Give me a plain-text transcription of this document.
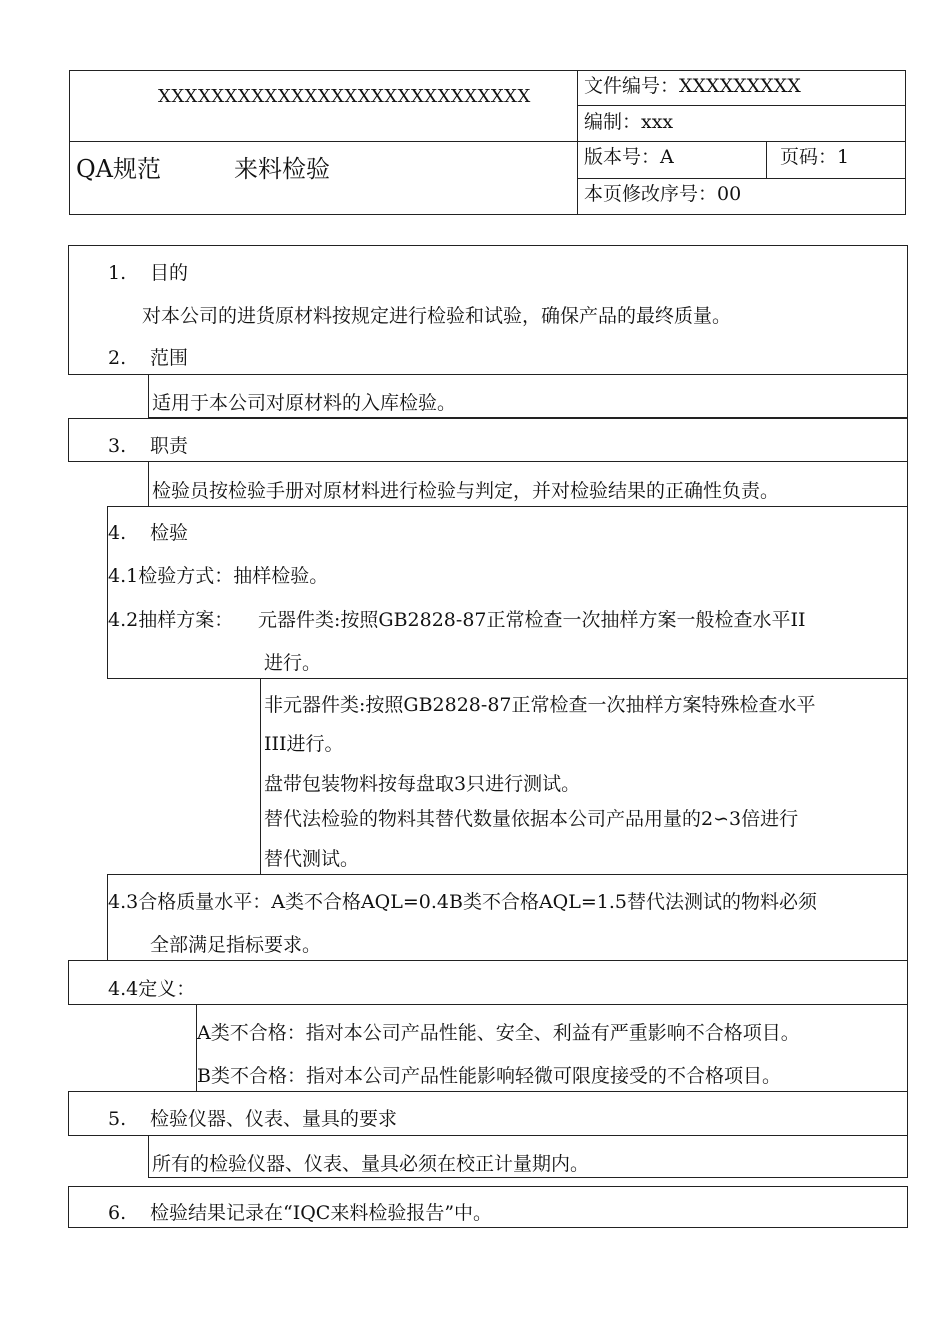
XXXXXXXXXXXXXXXXXXXXXXXXXXXX	文件编号：XXXXXXXXX
编制：xxx
QA规范	来料检验	版本号：A	页码：1
本页修改序号：00
1. 目的
对本公司的进货原材料按规定进行检验和试验，确保产品的最终质量。
2. 范围
适用于本公司对原材料的入库检验。
3. 职责
检验员按检验手册对原材料进行检验与判定，并对检验结果的正确性负责。
4. 检验
4.1检验方式：抽样检验。
4.2抽样方案： 元器件类:按照GB2828-87正常检查一次抽样方案一般检查水平II
进行。
非元器件类:按照GB2828-87正常检查一次抽样方案特殊检查水平
III进行。
盘带包装物料按每盘取3只进行测试。
替代法检验的物料其替代数量依据本公司产品用量的2∽3倍进行
替代测试。
4.3合格质量水平：A类不合格AQL=0.4B类不合格AQL=1.5替代法测试的物料必须
全部满足指标要求。
4.4定义：
A类不合格：指对本公司产品性能、安全、利益有严重影响不合格项目。
B类不合格：指对本公司产品性能影响轻微可限度接受的不合格项目。
5. 检验仪器、仪表、量具的要求
所有的检验仪器、仪表、量具必须在校正计量期内。
6. 检验结果记录在“IQC来料检验报告”中。
